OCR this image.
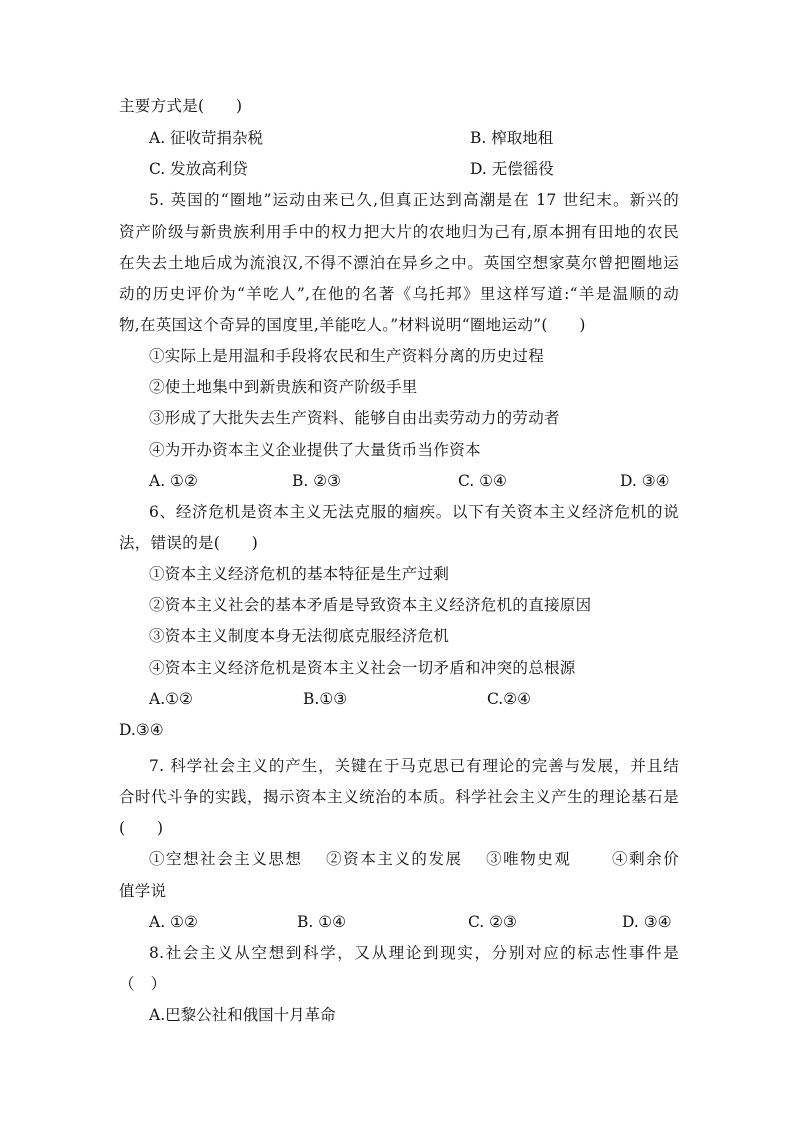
主要方式是(　　)
A. 征收苛捐杂税	B. 榨取地租
C. 发放高利贷	D. 无偿徭役
5. 英国的“圈地”运动由来已久,但真正达到高潮是在 17 世纪末。新兴的
资产阶级与新贵族利用手中的权力把大片的农地归为己有,原本拥有田地的农民
在失去土地后成为流浪汉,不得不漂泊在异乡之中。英国空想家莫尔曾把圈地运
动的历史评价为“羊吃人”,在他的名著《乌托邦》里这样写道:“羊是温顺的动
物,在英国这个奇异的国度里,羊能吃人。”材料说明“圈地运动”(　　)
①实际上是用温和手段将农民和生产资料分离的历史过程
②使土地集中到新贵族和资产阶级手里
③形成了大批失去生产资料、能够自由出卖劳动力的劳动者
④为开办资本主义企业提供了大量货币当作资本
A. ①②	B. ②③	C. ①④	D. ③④
6、经济危机是资本主义无法克服的痼疾。以下有关资本主义经济危机的说
法，错误的是(　　)
①资本主义经济危机的基本特征是生产过剩
②资本主义社会的基本矛盾是导致资本主义经济危机的直接原因
③资本主义制度本身无法彻底克服经济危机
④资本主义经济危机是资本主义社会一切矛盾和冲突的总根源
A.①②	B.①③	C.②④
D.③④
7. 科学社会主义的产生，关键在于马克思已有理论的完善与发展，并且结
合时代斗争的实践，揭示资本主义统治的本质。科学社会主义产生的理论基石是
(　　)
①空想社会主义思想　 ②资本主义的发展　 ③唯物史观　　 ④剩余价
值学说
A. ①②	B. ①④	C. ②③	D. ③④
8.社会主义从空想到科学，又从理论到现实，分别对应的标志性事件是
（　）
A.巴黎公社和俄国十月革命
